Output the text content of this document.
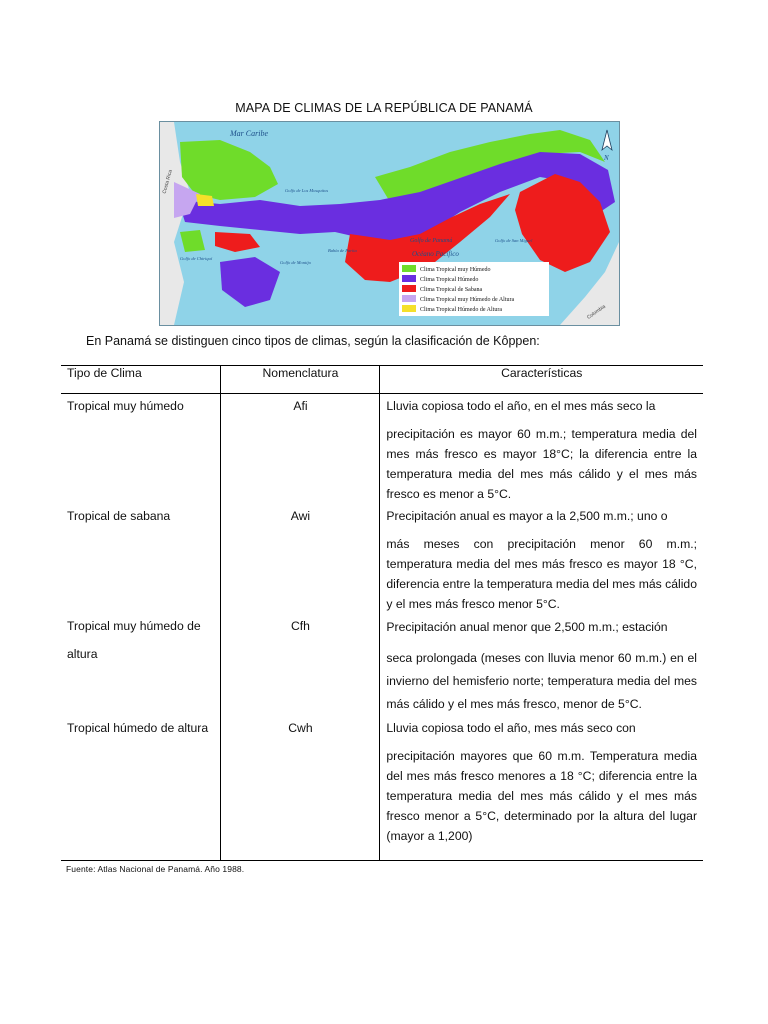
MAPA DE CLIMAS DE LA REPÚBLICA DE PANAMÁ
N
Mar Caribe
Golfo de Los Mosquitos
Bahía de Parita
Golfo de Panamá
Océano Pacífico
Golfo de San Miguel
Golfo de Chiriquí
Golfo de Montijo
Costa Rica
Colombia
Clima Tropical muy Húmedo
Clima Tropical Húmedo
Clima Tropical de Sabana
Clima Tropical muy Húmedo de Altura
Clima Tropical Húmedo de Altura
En Panamá se distinguen cinco tipos de climas, según la clasificación de Kôppen:
Tipo de Clima	Nomenclatura	Características
Tropical muy húmedo	Afi	Lluvia copiosa todo el año, en el mes más seco la
precipitación es mayor 60 m.m.; temperatura media del mes más fresco es mayor 18°C; la diferencia entre la temperatura media del mes más cálido y el mes más fresco es menor a 5°C.
Tropical de sabana	Awi	Precipitación anual es mayor a la 2,500 m.m.; uno o
más meses con precipitación menor 60 m.m.; temperatura media del mes más fresco es mayor 18 °C, diferencia entre la temperatura media del mes más cálido y el mes más fresco menor 5°C.
Tropical muy húmedo de
altura	Cfh	Precipitación anual menor que 2,500 m.m.; estación
seca prolongada (meses con lluvia menor 60 m.m.) en el invierno del hemisferio norte; temperatura media del mes más cálido y el mes más fresco, menor de 5°C.
Tropical húmedo de altura	Cwh	Lluvia copiosa todo el año, mes más seco con
precipitación mayores que 60 m.m. Temperatura media del mes más fresco menores a 18 °C; diferencia entre la temperatura media del mes más cálido y el mes más fresco menor a 5°C, determinado por la altura del lugar (mayor a 1,200)
Fuente: Atlas Nacional de Panamá. Año 1988.
